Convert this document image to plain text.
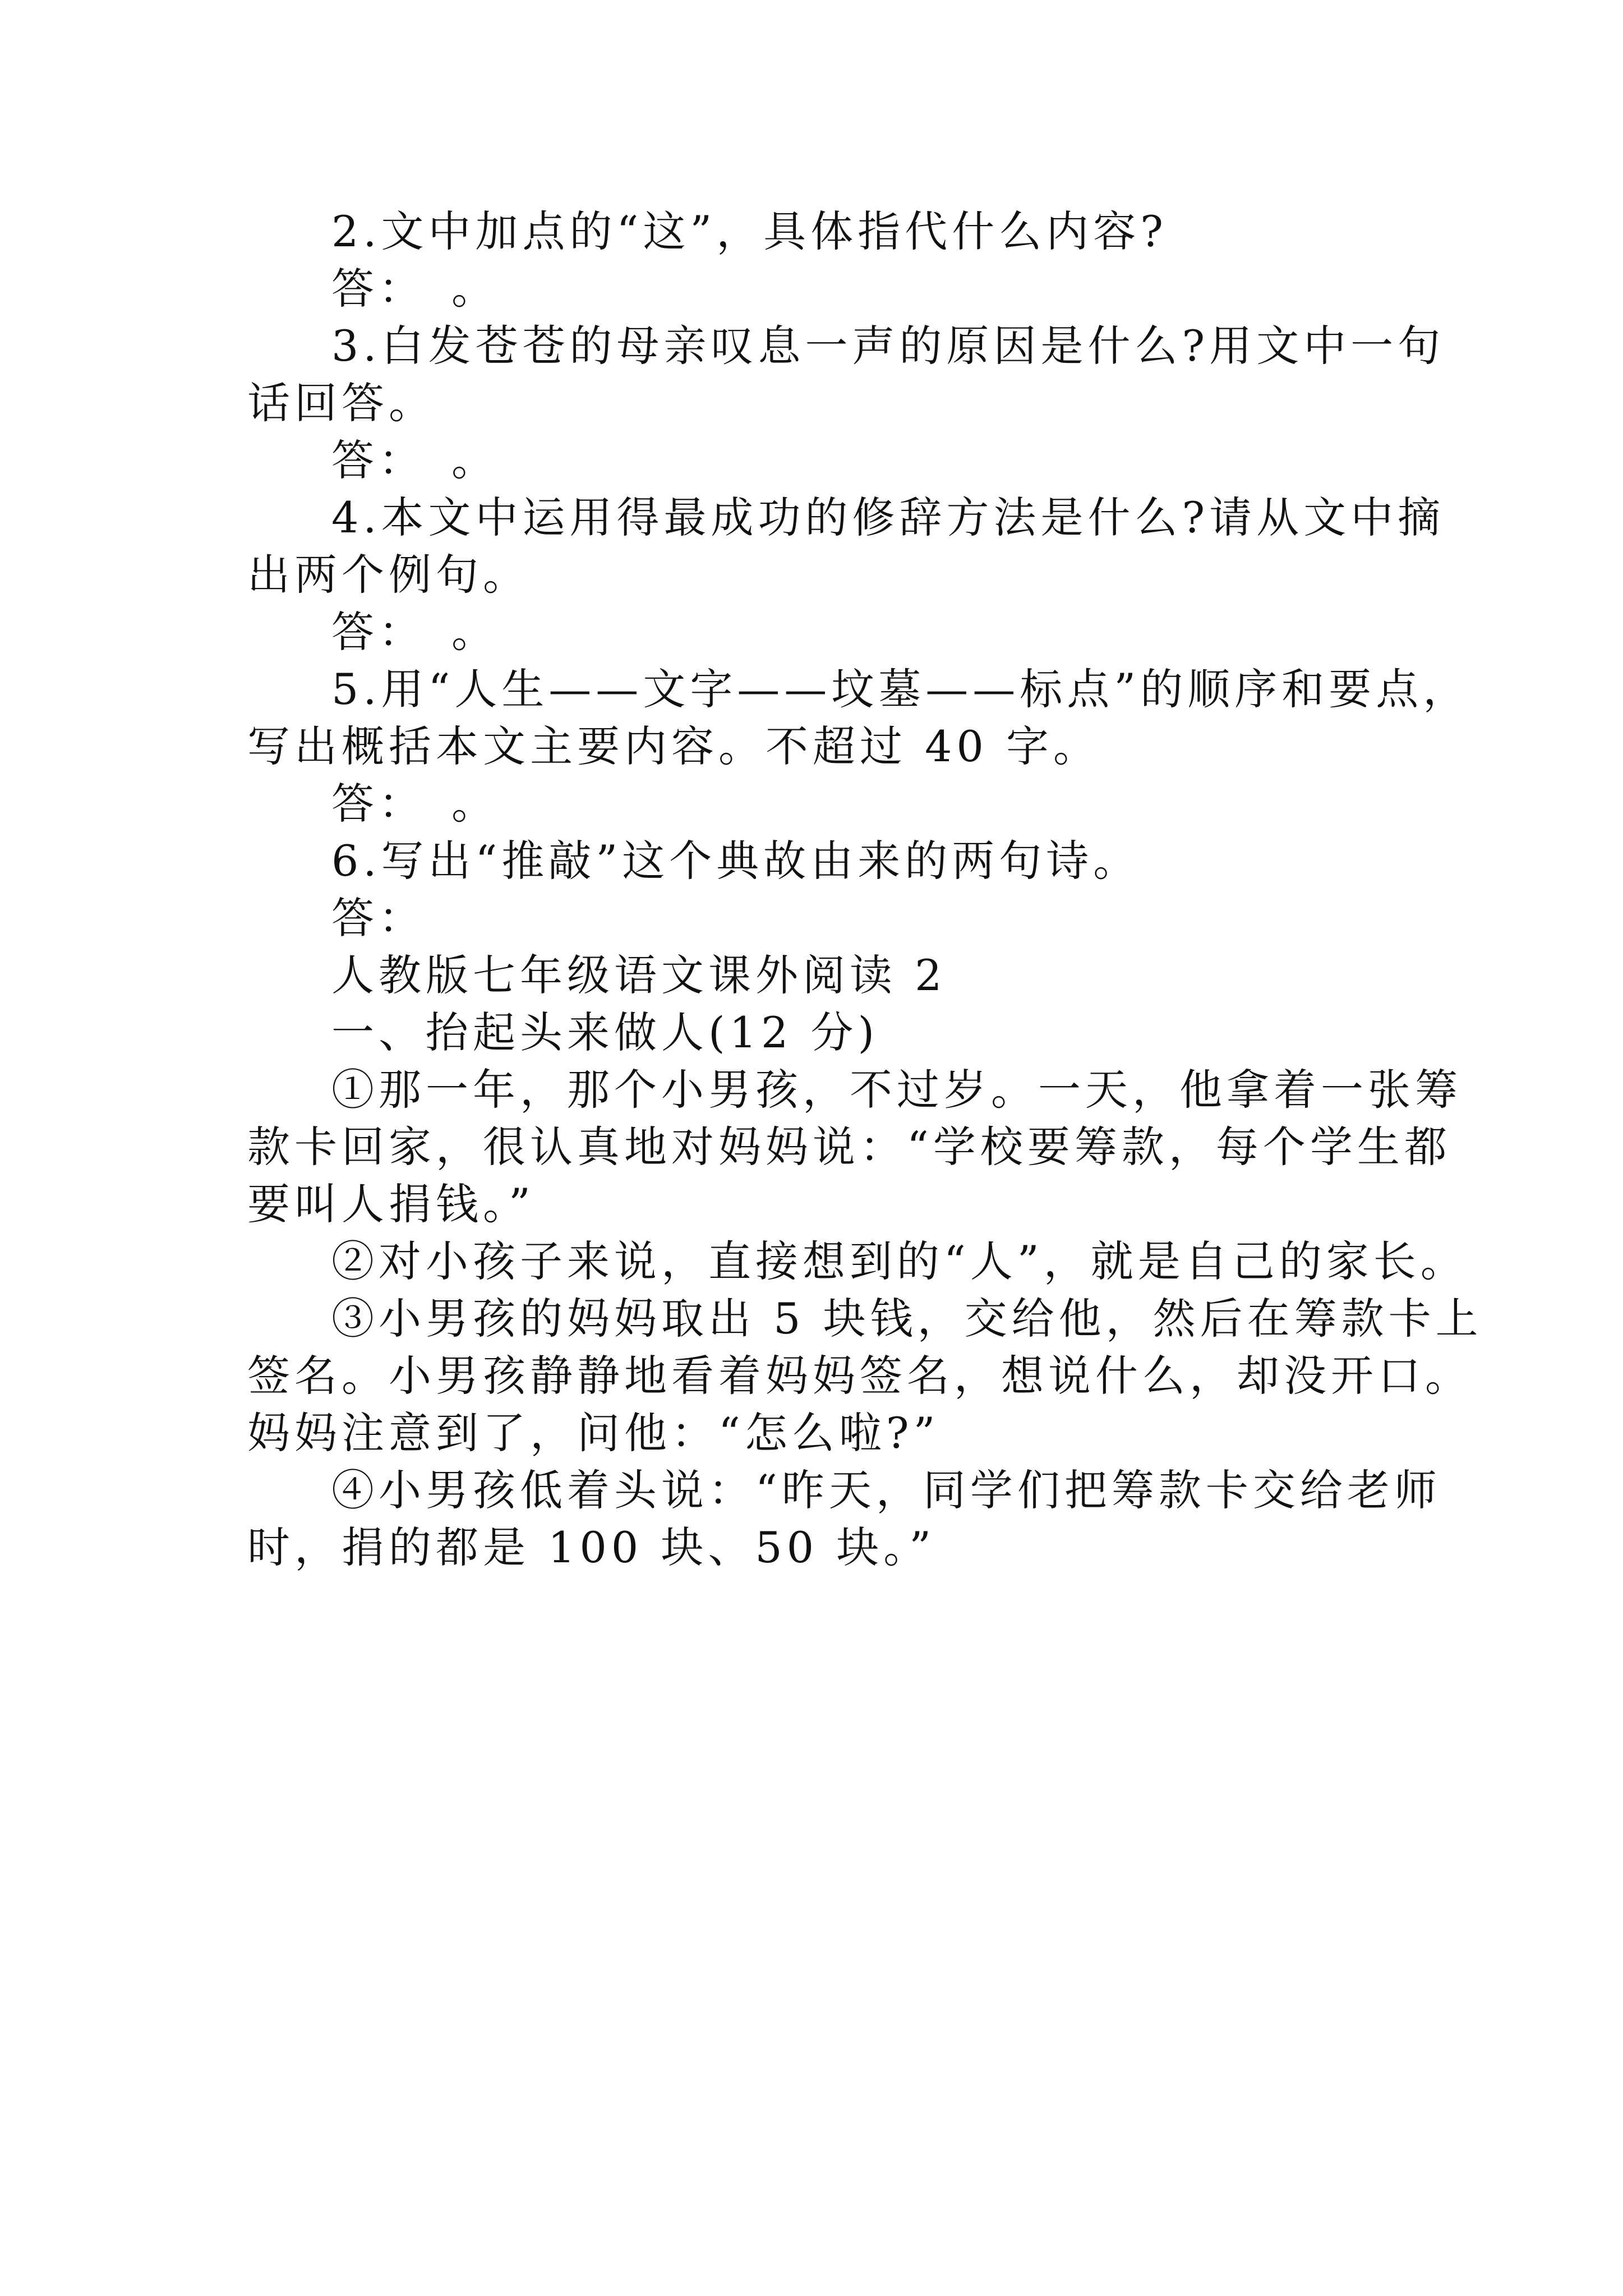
2.文中加点的“这”，具体指代什么内容?

答：　。

3.白发苍苍的母亲叹息一声的原因是什么?用文中一句

话回答。

答：　。

4.本文中运用得最成功的修辞方法是什么?请从文中摘

出两个例句。

答：　。

5.用“人生——文字——坟墓——标点”的顺序和要点，

写出概括本文主要内容。不超过 40 字。

答：　。

6.写出“推敲”这个典故由来的两句诗。

答：

人教版七年级语文课外阅读 2

一、抬起头来做人(12 分)

①那一年，那个小男孩，不过岁。一天，他拿着一张筹

款卡回家，很认真地对妈妈说：“学校要筹款，每个学生都

要叫人捐钱。”

②对小孩子来说，直接想到的“人”，就是自己的家长。

③小男孩的妈妈取出 5 块钱，交给他，然后在筹款卡上

签名。小男孩静静地看着妈妈签名，想说什么，却没开口。

妈妈注意到了，问他：“怎么啦?”

④小男孩低着头说：“昨天，同学们把筹款卡交给老师

时，捐的都是 100 块、50 块。”
